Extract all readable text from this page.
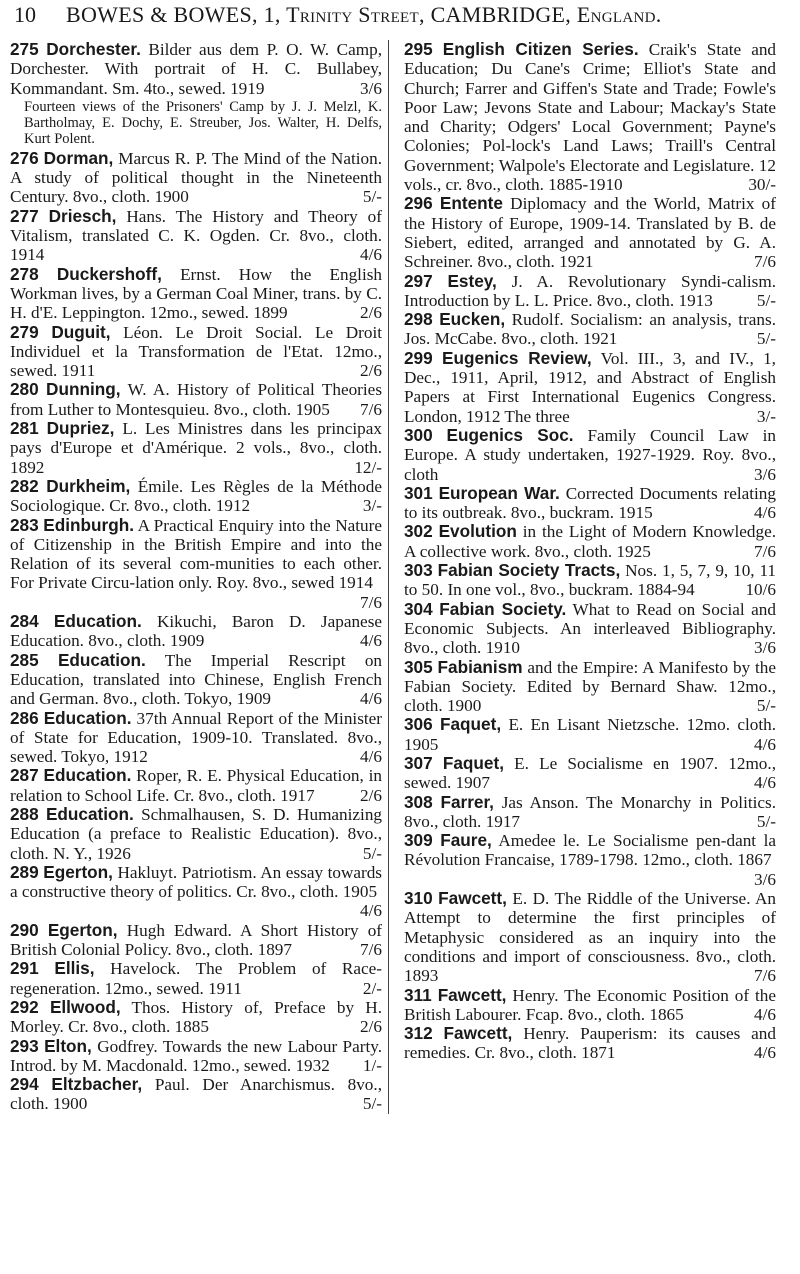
10 BOWES & BOWES, 1, Trinity Street, CAMBRIDGE, England.

275 Dorchester. Bilder aus dem P. O. W. Camp, Dorchester. With portrait of H. C. Bullabey, Kommandant. Sm. 4to., sewed. 1919	3/6
Fourteen views of the Prisoners' Camp by J. J. Melzl, K. Bartholmay, E. Dochy, E. Streuber, Jos. Walter, H. Delfs, Kurt Polent.

276 Dorman, Marcus R. P. The Mind of the Nation. A study of political thought in the Nineteenth Century. 8vo., cloth. 1900	5/-

277 Driesch, Hans. The History and Theory of Vitalism, translated C. K. Ogden. Cr. 8vo., cloth. 1914	4/6

278 Duckershoff, Ernst. How the English Workman lives, by a German Coal Miner, trans. by C. H. d'E. Leppington. 12mo., sewed. 1899	2/6

279 Duguit, Léon. Le Droit Social. Le Droit Individuel et la Transformation de l'Etat. 12mo., sewed. 1911	2/6

280 Dunning, W. A. History of Political Theories from Luther to Montesquieu. 8vo., cloth. 1905 7/6

281 Dupriez, L. Les Ministres dans les principax pays d'Europe et d'Amérique. 2 vols., 8vo., cloth. 1892	12/-

282 Durkheim, Émile. Les Règles de la Méthode Sociologique. Cr. 8vo., cloth. 1912	3/-

283 Edinburgh. A Practical Enquiry into the Nature of Citizenship in the British Empire and into the Relation of its several com-munities to each other. For Private Circu-lation only. Roy. 8vo., sewed 1914
7/6

284 Education. Kikuchi, Baron D. Japanese Education. 8vo., cloth. 1909	4/6

285 Education. The Imperial Rescript on Education, translated into Chinese, English French and German. 8vo., cloth. Tokyo, 1909	4/6

286 Education. 37th Annual Report of the Minister of State for Education, 1909-10. Translated. 8vo., sewed. Tokyo, 1912	4/6

287 Education. Roper, R. E. Physical Education, in relation to School Life. Cr. 8vo., cloth. 1917	2/6

288 Education. Schmalhausen, S. D. Humanizing Education (a preface to Realistic Education). 8vo., cloth. N. Y., 1926	5/-

289 Egerton, Hakluyt. Patriotism. An essay towards a constructive theory of politics. Cr. 8vo., cloth. 1905
4/6

290 Egerton, Hugh Edward. A Short History of British Colonial Policy. 8vo., cloth. 1897	7/6

291 Ellis, Havelock. The Problem of Race-regeneration. 12mo., sewed. 1911	2/-

292 Ellwood, Thos. History of, Preface by H. Morley. Cr. 8vo., cloth. 1885	2/6

293 Elton, Godfrey. Towards the new Labour Party. Introd. by M. Macdonald. 12mo., sewed. 1932 1/-

294 Eltzbacher, Paul. Der Anarchismus. 8vo., cloth. 1900	5/-

295 English Citizen Series. Craik's State and Education; Du Cane's Crime; Elliot's State and Church; Farrer and Giffen's State and Trade; Fowle's Poor Law; Jevons State and Labour; Mackay's State and Charity; Odgers' Local Government; Payne's Colonies; Pol-lock's Land Laws; Traill's Central Government; Walpole's Electorate and Legislature. 12 vols., cr. 8vo., cloth. 1885-1910	30/-

296 Entente Diplomacy and the World, Matrix of the History of Europe, 1909-14. Translated by B. de Siebert, edited, arranged and annotated by G. A. Schreiner. 8vo., cloth. 1921	7/6

297 Estey, J. A. Revolutionary Syndi-calism. Introduction by L. L. Price. 8vo., cloth. 1913	5/-

298 Eucken, Rudolf. Socialism: an analysis, trans. Jos. McCabe. 8vo., cloth. 1921	5/-

299 Eugenics Review, Vol. III., 3, and IV., 1, Dec., 1911, April, 1912, and Abstract of English Papers at First International Eugenics Congress. London, 1912 The three	3/-

300 Eugenics Soc. Family Council Law in Europe. A study undertaken, 1927-1929. Roy. 8vo., cloth	3/6

301 European War. Corrected Documents relating to its outbreak. 8vo., buckram. 1915	4/6

302 Evolution in the Light of Modern Knowledge. A collective work. 8vo., cloth. 1925	7/6

303 Fabian Society Tracts, Nos. 1, 5, 7, 9, 10, 11 to 50. In one vol., 8vo., buckram. 1884-94	10/6

304 Fabian Society. What to Read on Social and Economic Subjects. An interleaved Bibliography. 8vo., cloth. 1910	3/6

305 Fabianism and the Empire: A Manifesto by the Fabian Society. Edited by Bernard Shaw. 12mo., cloth. 1900	5/-

306 Faquet, E. En Lisant Nietzsche. 12mo. cloth. 1905	4/6

307 Faquet, E. Le Socialisme en 1907. 12mo., sewed. 1907	4/6

308 Farrer, Jas Anson. The Monarchy in Politics. 8vo., cloth. 1917	5/-

309 Faure, Amedee le. Le Socialisme pen-dant la Révolution Francaise, 1789-1798. 12mo., cloth. 1867
3/6

310 Fawcett, E. D. The Riddle of the Universe. An Attempt to determine the first principles of Metaphysic considered as an inquiry into the conditions and import of consciousness. 8vo., cloth. 1893	7/6

311 Fawcett, Henry. The Economic Position of the British Labourer. Fcap. 8vo., cloth. 1865	4/6

312 Fawcett, Henry. Pauperism: its causes and remedies. Cr. 8vo., cloth. 1871	4/6
